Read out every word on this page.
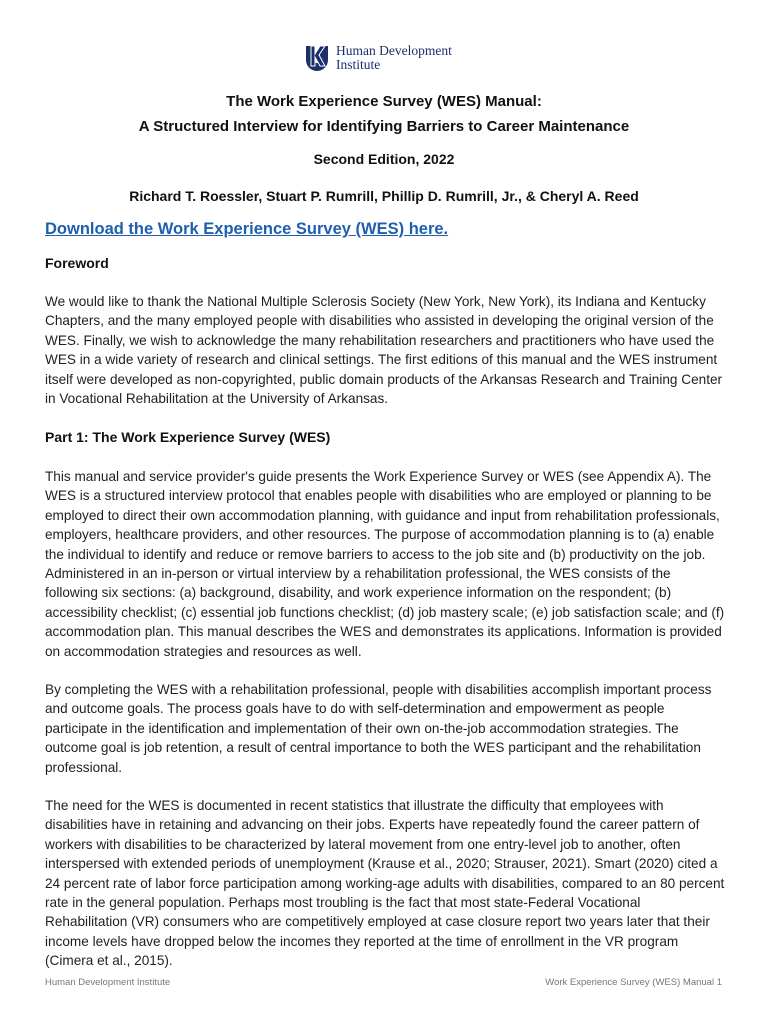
Human Development
Institute
The Work Experience Survey (WES) Manual:
A Structured Interview for Identifying Barriers to Career Maintenance
Second Edition, 2022
Richard T. Roessler, Stuart P. Rumrill, Phillip D. Rumrill, Jr., & Cheryl A. Reed
Download the Work Experience Survey (WES) here.
Foreword

We would like to thank the National Multiple Sclerosis Society (New York, New York), its Indiana and Kentucky Chapters, and the many employed people with disabilities who assisted in developing the original version of the WES. Finally, we wish to acknowledge the many rehabilitation researchers and practitioners who have used the WES in a wide variety of research and clinical settings. The first editions of this manual and the WES instrument itself were developed as non-copyrighted, public domain products of the Arkansas Research and Training Center in Vocational Rehabilitation at the University of Arkansas.

Part 1: The Work Experience Survey (WES)

This manual and service provider's guide presents the Work Experience Survey or WES (see Appendix A). The WES is a structured interview protocol that enables people with disabilities who are employed or planning to be employed to direct their own accommodation planning, with guidance and input from rehabilitation professionals, employers, healthcare providers, and other resources. The purpose of accommodation planning is to (a) enable the individual to identify and reduce or remove barriers to access to the job site and (b) productivity on the job. Administered in an in-person or virtual interview by a rehabilitation professional, the WES consists of the following six sections: (a) background, disability, and work experience information on the respondent; (b) accessibility checklist; (c) essential job functions checklist; (d) job mastery scale; (e) job satisfaction scale; and (f) accommodation plan. This manual describes the WES and demonstrates its applications. Information is provided on accommodation strategies and resources as well.

By completing the WES with a rehabilitation professional, people with disabilities accomplish important process and outcome goals. The process goals have to do with self-determination and empowerment as people participate in the identification and implementation of their own on-the-job accommodation strategies. The outcome goal is job retention, a result of central importance to both the WES participant and the rehabilitation professional.

The need for the WES is documented in recent statistics that illustrate the difficulty that employees with disabilities have in retaining and advancing on their jobs. Experts have repeatedly found the career pattern of workers with disabilities to be characterized by lateral movement from one entry-level job to another, often interspersed with extended periods of unemployment (Krause et al., 2020; Strauser, 2021). Smart (2020) cited a 24 percent rate of labor force participation among working-age adults with disabilities, compared to an 80 percent rate in the general population. Perhaps most troubling is the fact that most state-Federal Vocational Rehabilitation (VR) consumers who are competitively employed at case closure report two years later that their income levels have dropped below the incomes they reported at the time of enrollment in the VR program (Cimera et al., 2015).

Human Development Institute	Work Experience Survey (WES) Manual 1
